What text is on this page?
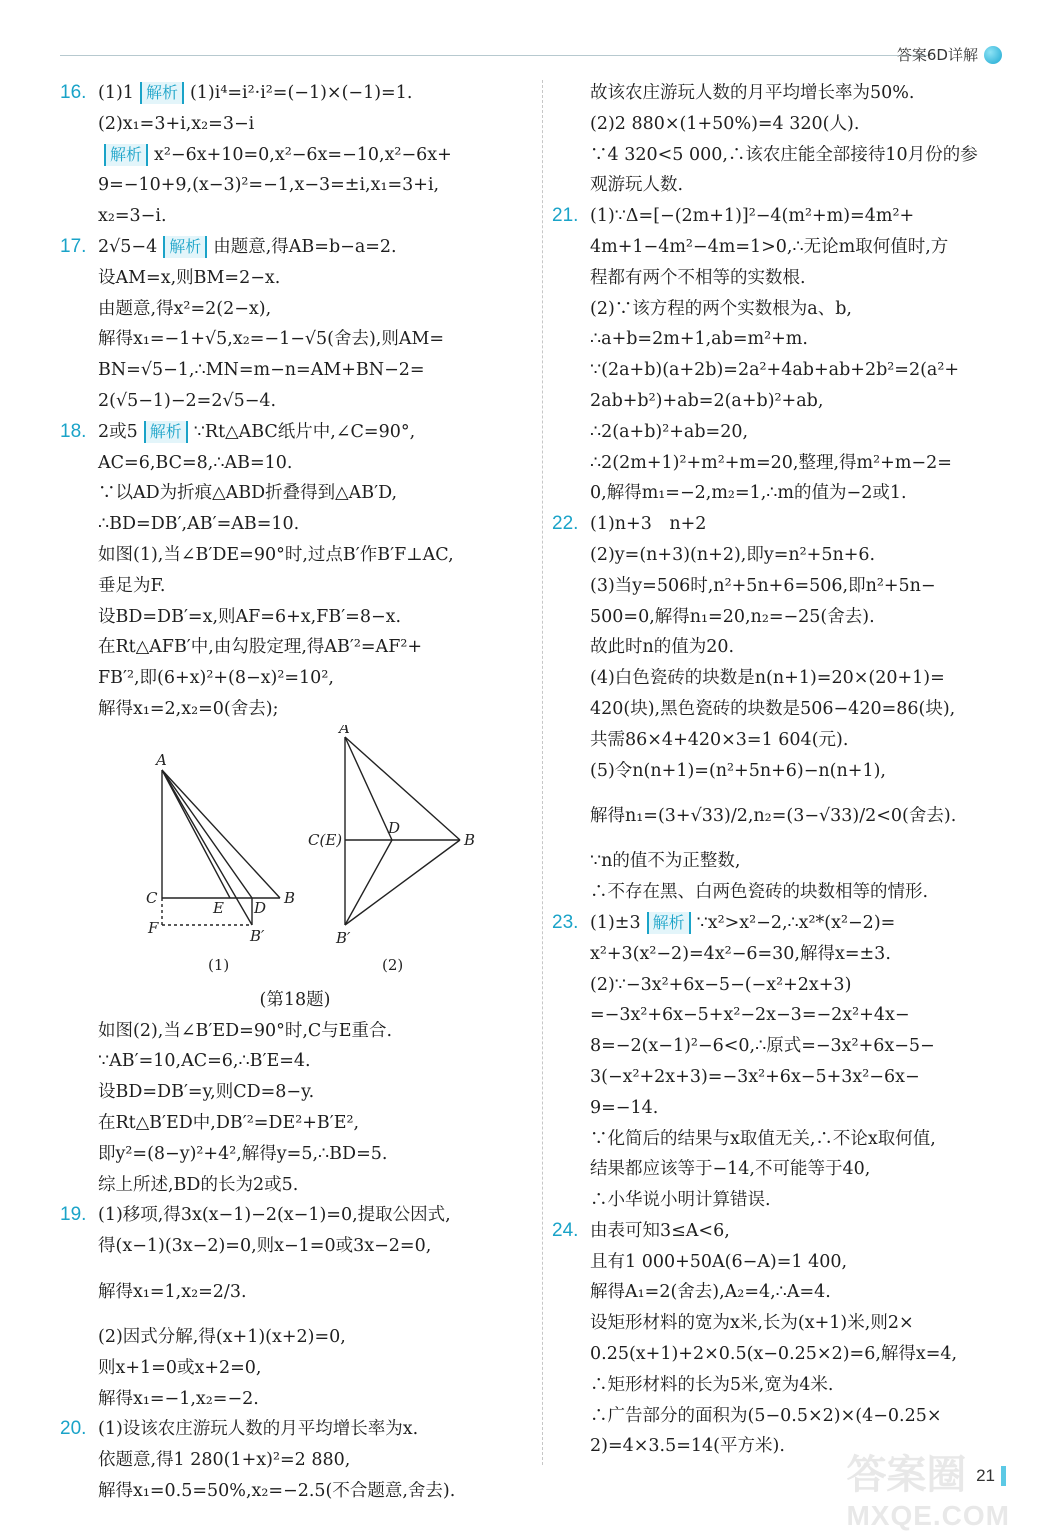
答案6D详解
16. (1)1 解析 (1)i⁴=i²·i²=(−1)×(−1)=1.
(2)x₁=3+i,x₂=3−i
解析 x²−6x+10=0,x²−6x=−10,x²−6x+
9=−10+9,(x−3)²=−1,x−3=±i,x₁=3+i,
x₂=3−i.
17. 2√5−4 解析 由题意,得AB=b−a=2.
设AM=x,则BM=2−x.
由题意,得x²=2(2−x),
解得x₁=−1+√5,x₂=−1−√5(舍去),则AM=
BN=√5−1,∴MN=m−n=AM+BN−2=
2(√5−1)−2=2√5−4.
18. 2或5 解析 ∵Rt△ABC纸片中,∠C=90°,
AC=6,BC=8,∴AB=10.
∵以AD为折痕△ABD折叠得到△AB′D,
∴BD=DB′,AB′=AB=10.
如图(1),当∠B′DE=90°时,过点B′作B′F⊥AC,
垂足为F.
设BD=DB′=x,则AF=6+x,FB′=8−x.
在Rt△AFB′中,由勾股定理,得AB′²=AF²+
FB′²,即(6+x)²+(8−x)²=10²,
解得x₁=2,x₂=0(舍去);
A
C
E D
B
F	B′
A
C(E)
D
B
B′
(1)	(2)
(第18题)
如图(2),当∠B′ED=90°时,C与E重合.
∵AB′=10,AC=6,∴B′E=4.
设BD=DB′=y,则CD=8−y.
在Rt△B′ED中,DB′²=DE²+B′E²,
即y²=(8−y)²+4²,解得y=5,∴BD=5.
综上所述,BD的长为2或5.
19. (1)移项,得3x(x−1)−2(x−1)=0,提取公因式,
得(x−1)(3x−2)=0,则x−1=0或3x−2=0,
解得x₁=1,x₂=2/3.
(2)因式分解,得(x+1)(x+2)=0,
则x+1=0或x+2=0,
解得x₁=−1,x₂=−2.
20. (1)设该农庄游玩人数的月平均增长率为x.
依题意,得1 280(1+x)²=2 880,
解得x₁=0.5=50%,x₂=−2.5(不合题意,舍去).
故该农庄游玩人数的月平均增长率为50%.
(2)2 880×(1+50%)=4 320(人).
∵4 320<5 000,∴该农庄能全部接待10月份的参
观游玩人数.
21. (1)∵Δ=[−(2m+1)]²−4(m²+m)=4m²+
4m+1−4m²−4m=1>0,∴无论m取何值时,方
程都有两个不相等的实数根.
(2)∵该方程的两个实数根为a、b,
∴a+b=2m+1,ab=m²+m.
∵(2a+b)(a+2b)=2a²+4ab+ab+2b²=2(a²+
2ab+b²)+ab=2(a+b)²+ab,
∴2(a+b)²+ab=20,
∴2(2m+1)²+m²+m=20,整理,得m²+m−2=
0,解得m₁=−2,m₂=1,∴m的值为−2或1.
22. (1)n+3　n+2
(2)y=(n+3)(n+2),即y=n²+5n+6.
(3)当y=506时,n²+5n+6=506,即n²+5n−
500=0,解得n₁=20,n₂=−25(舍去).
故此时n的值为20.
(4)白色瓷砖的块数是n(n+1)=20×(20+1)=
420(块),黑色瓷砖的块数是506−420=86(块),
共需86×4+420×3=1 604(元).
(5)令n(n+1)=(n²+5n+6)−n(n+1),
解得n₁=(3+√33)/2,n₂=(3−√33)/2<0(舍去).
∵n的值不为正整数,
∴不存在黑、白两色瓷砖的块数相等的情形.
23. (1)±3 解析 ∵x²>x²−2,∴x²*(x²−2)=
x²+3(x²−2)=4x²−6=30,解得x=±3.
(2)∵−3x²+6x−5−(−x²+2x+3)
=−3x²+6x−5+x²−2x−3=−2x²+4x−
8=−2(x−1)²−6<0,∴原式=−3x²+6x−5−
3(−x²+2x+3)=−3x²+6x−5+3x²−6x−
9=−14.
∵化简后的结果与x取值无关,∴不论x取何值,
结果都应该等于−14,不可能等于40,
∴小华说小明计算错误.
24. 由表可知3≤A<6,
且有1 000+50A(6−A)=1 400,
解得A₁=2(舍去),A₂=4,∴A=4.
设矩形材料的宽为x米,长为(x+1)米,则2×
0.25(x+1)+2×0.5(x−0.25×2)=6,解得x=4,
∴矩形材料的长为5米,宽为4米.
∴广告部分的面积为(5−0.5×2)×(4−0.25×
2)=4×3.5=14(平方米).
21
答案圈
MXQE.COM
